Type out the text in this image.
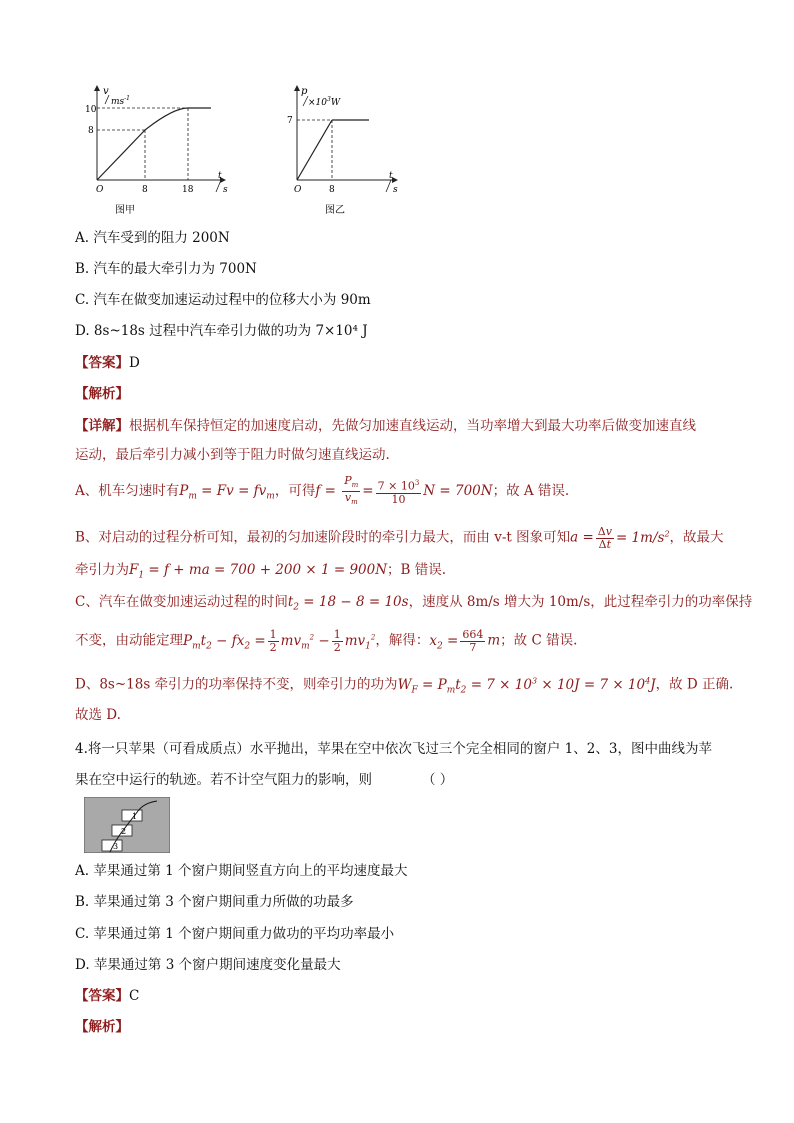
v
$ms^{-1}$
10
8
O	8	18
t
s
图甲
p
$\times 10^3W$
7
O	8
t
s
图乙
A. 汽车受到的阻力 200N
B. 汽车的最大牵引力为 700N
C. 汽车在做变加速运动过程中的位移大小为 90m
D. 8s~18s 过程中汽车牵引力做的功为 7×10⁴ J
【答案】D
【解析】
【详解】根据机车保持恒定的加速度启动，先做匀加速直线运动，当功率增大到最大功率后做变加速直线
运动，最后牵引力减小到等于阻力时做匀速直线运动.
A、机车匀速时有$P_m = Fv = fv_m$，可得$f = \frac{P_m}{v_m} = \frac{7 \times 10^3}{10}$ N = 700N；故 A 错误.
B、对启动的过程分析可知，最初的匀加速阶段时的牵引力最大，而由 v-t 图象可知$a = \frac{\Delta v}{\Delta t} = 1m/s^2$，故最大
牵引力为$F_1 = f$ + ma = 700 + 200 × 1 = 900N；B 错误.
C、汽车在做变加速运动过程的时间$t_2 = 18 - 8 = 10s$，速度从 8m/s 增大为 10m/s，此过程牵引力的功率保持
不变，由动能定理$P_mt_2 - fx_2 = \frac{1}{2} mv_m^2 - \frac{1}{2} mv_1^2$，解得：$x_2 = \frac{664}{7}$ m；故 C 错误.
D、8s~18s 牵引力的功率保持不变，则牵引力的功为$W_F = P_mt_2 = 7 \times 10^3 \times 10J = 7 \times 10^4J$，故 D 正确.
故选 D.
4.将一只苹果（可看成质点）水平抛出，苹果在空中依次飞过三个完全相同的窗户 1、2、3，图中曲线为苹
果在空中运行的轨迹。若不计空气阻力的影响，则	（ ）
1
2
3
A. 苹果通过第 1 个窗户期间竖直方向上的平均速度最大
B. 苹果通过第 3 个窗户期间重力所做的功最多
C. 苹果通过第 1 个窗户期间重力做功的平均功率最小
D. 苹果通过第 3 个窗户期间速度变化量最大
【答案】C
【解析】
